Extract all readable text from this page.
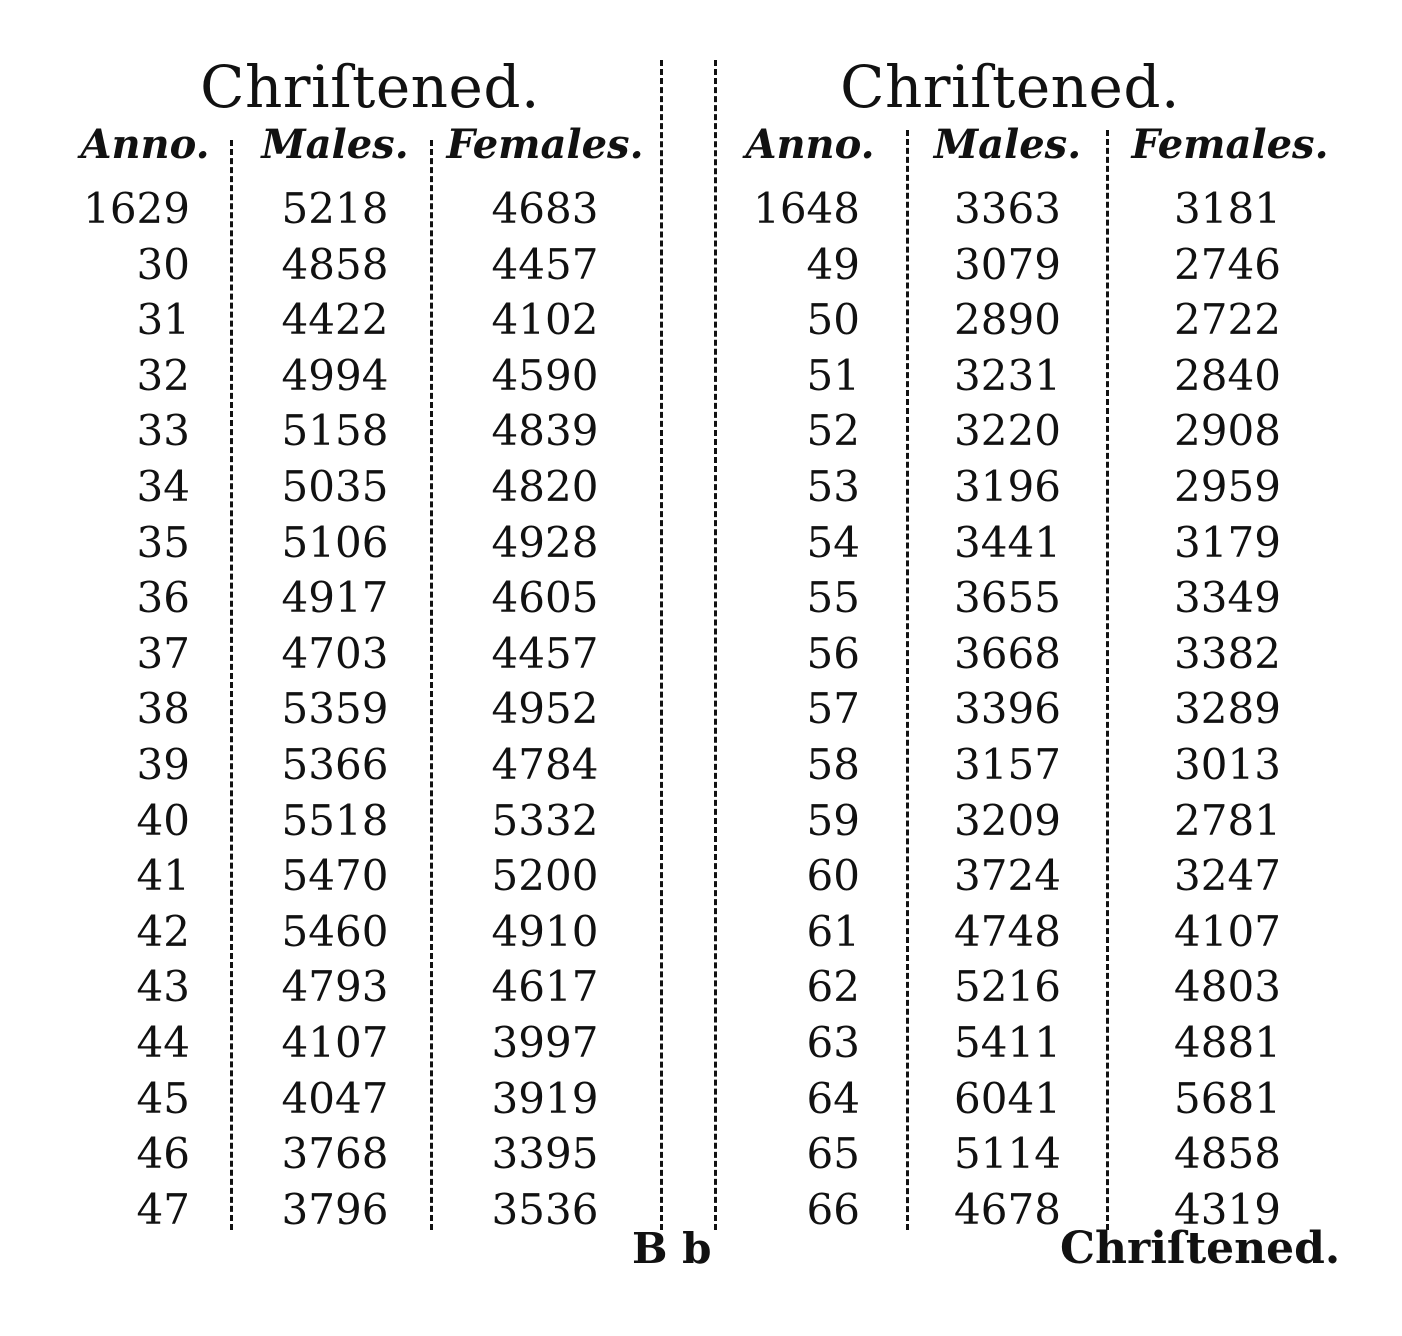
Chriſtened.	Chriſtened.
Anno. Males. Females.	Anno.	Males.	Females.
1629	5218	4683
30	4858	4457
31	4422	4102
32	4994	4590
33	5158	4839
34	5035	4820
35	5106	4928
36	4917	4605
37	4703	4457
38	5359	4952
39	5366	4784
40	5518	5332
41	5470	5200
42	5460	4910
43	4793	4617
44	4107	3997
45	4047	3919
46	3768	3395
47	3796	3536
1648	3363	3181
49	3079	2746
50	2890	2722
51	3231	2840
52	3220	2908
53	3196	2959
54	3441	3179
55	3655	3349
56	3668	3382
57	3396	3289
58	3157	3013
59	3209	2781
60	3724	3247
61	4748	4107
62	5216	4803
63	5411	4881
64	6041	5681
65	5114	4858
66	4678	4319
B b	Chriſtened.
